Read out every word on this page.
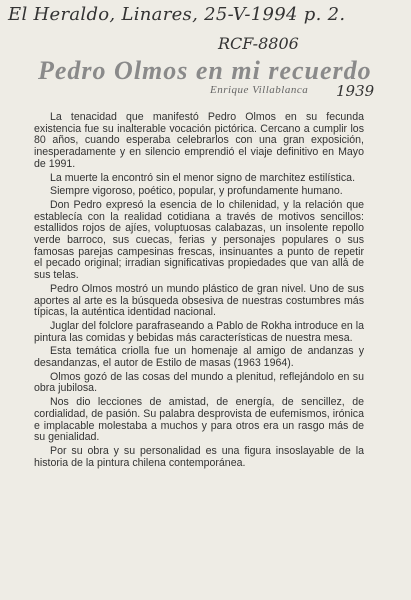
El Heraldo, Linares, 25-V-1994 p. 2.
RCF-8806
1939
Pedro Olmos en mi recuerdo
Enrique Villablanca

La tenacidad que manifestó Pedro Olmos en su fecunda existencia fue su inalterable vocación pictórica. Cercano a cumplir los 80 años, cuando esperaba celebrarlos con una gran exposición, inesperadamente y en silencio emprendió el viaje definitivo en Mayo de 1991.

La muerte la encontró sin el menor signo de marchitez estilística.

Siempre vigoroso, poético, popular, y profundamente humano.

Don Pedro expresó la esencia de lo chilenidad, y la relación que establecía con la realidad cotidiana a través de motivos sencillos: estallidos rojos de ajíes, voluptuosas calabazas, un insolente repollo verde barroco, sus cuecas, ferias y personajes populares o sus famosas parejas campesinas frescas, insinuantes a punto de repetir el pecado original; irradian significativas propiedades que van allá de sus telas.

Pedro Olmos mostró un mundo plástico de gran nivel. Uno de sus aportes al arte es la búsqueda obsesiva de nuestras costumbres más típicas, la auténtica identidad nacional.

Juglar del folclore parafraseando a Pablo de Rokha introduce en la pintura las comidas y bebidas más características de nuestra mesa.

Esta temática criolla fue un homenaje al amigo de andanzas y desandanzas, el autor de Estilo de masas (1963 1964).

Olmos gozó de las cosas del mundo a plenitud, reflejándolo en su obra jubilosa.

Nos dio lecciones de amistad, de energía, de sencillez, de cordialidad, de pasión. Su palabra desprovista de eufemismos, irónica e implacable molestaba a muchos y para otros era un rasgo más de su genialidad.

Por su obra y su personalidad es una figura insoslayable de la historia de la pintura chilena contemporánea.
